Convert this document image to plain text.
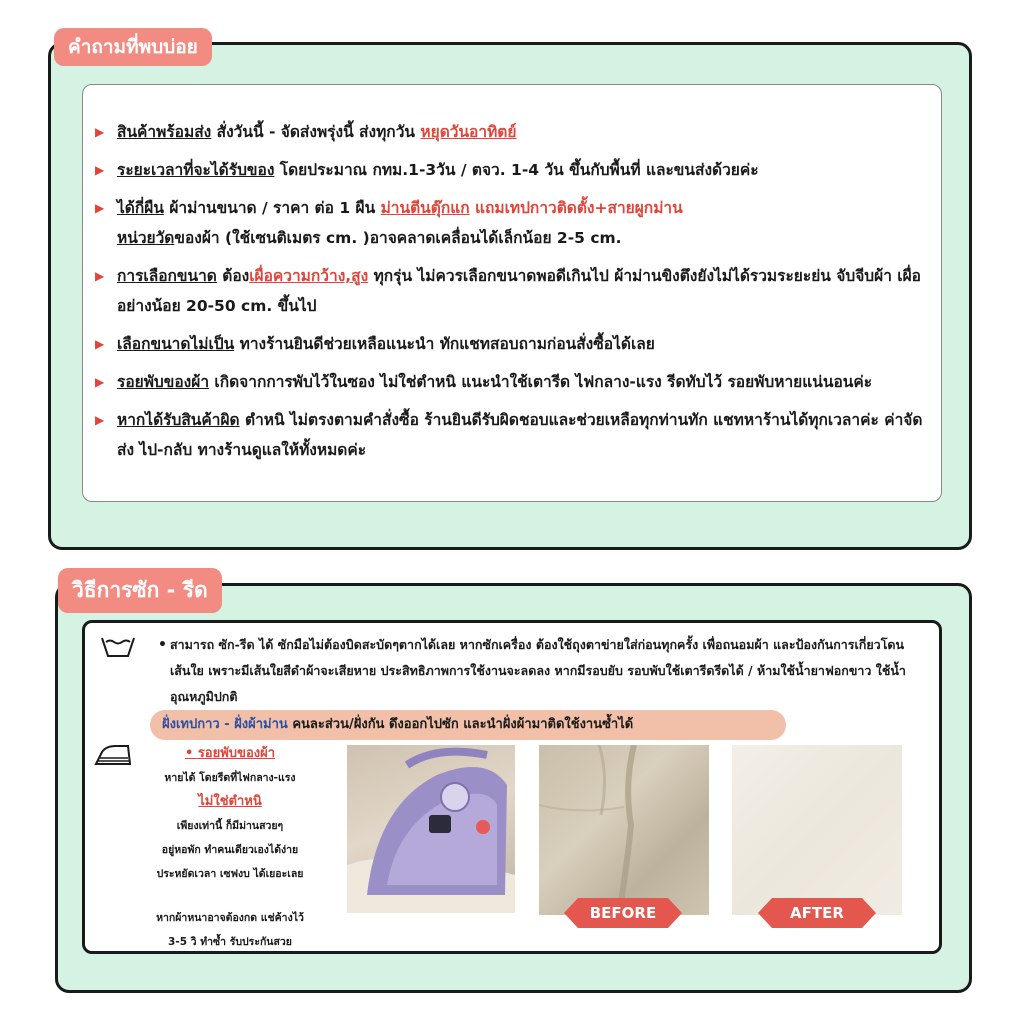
คำถามที่พบบ่อย
▶ สินค้าพร้อมส่ง สั่งวันนี้ - จัดส่งพรุ่งนี้ ส่งทุกวัน หยุดวันอาทิตย์
▶ ระยะเวลาที่จะได้รับของ โดยประมาณ กทม.1-3วัน / ตจว. 1-4 วัน ขึ้นกับพื้นที่ และขนส่งด้วยค่ะ
▶ ได้กี่ผืน ผ้าม่านขนาด / ราคา ต่อ 1 ผืน ม่านตีนตุ๊กแก แถมเทปกาวติดตั้ง+สายผูกม่าน
หน่วยวัดของผ้า (ใช้เซนติเมตร cm. )อาจคลาดเคลื่อนได้เล็กน้อย 2-5 cm.
▶ การเลือกขนาด ต้องเผื่อความกว้าง,สูง ทุกรุ่น ไม่ควรเลือกขนาดพอดีเกินไป ผ้าม่านขิงตึงยังไม่ได้รวมระยะย่น จับจีบผ้า เผื่ออย่างน้อย 20-50 cm. ขึ้นไป
▶ เลือกขนาดไม่เป็น ทางร้านยินดีช่วยเหลือแนะนำ ทักแชทสอบถามก่อนสั่งซื้อได้เลย
▶ รอยพับของผ้า เกิดจากการพับไว้ในซอง ไม่ใช่ตำหนิ แนะนำใช้เตารีด ไฟกลาง-แรง รีดทับไว้ รอยพับหายแน่นอนค่ะ
▶ หากได้รับสินค้าผิด ตำหนิ ไม่ตรงตามคำสั่งซื้อ ร้านยินดีรับผิดชอบและช่วยเหลือทุกท่านทัก แชทหาร้านได้ทุกเวลาค่ะ ค่าจัดส่ง ไป-กลับ ทางร้านดูแลให้ทั้งหมดค่ะ
วิธีการซัก - รีด
• สามารถ ซัก-รีด ได้ ซักมือไม่ต้องบิดสะบัดๆตากได้เลย หากซักเครื่อง ต้องใช้ถุงตาข่ายใส่ก่อนทุกครั้ง เพื่อถนอมผ้า และป้องกันการเกี่ยวโดนเส้นใย เพราะมีเส้นใยสีดำผ้าจะเสียหาย ประสิทธิภาพการใช้งานจะลดลง หากมีรอบยับ รอบพับใช้เตารีดรีดได้ / ห้ามใช้น้ำยาฟอกขาว ใช้น้ำอุณหภูมิปกติ
ฝั่งเทปกาว - ฝั่งผ้าม่าน คนละส่วน/ฝั่งกัน ดึงออกไปซัก และนำฝั่งผ้ามาติดใช้งานซ้ำได้
• รอยพับของผ้า
หายได้ โดยรีดที่ไฟกลาง-แรง
ไม่ใช่ตำหนิ
เพียงเท่านี้ ก็มีม่านสวยๆ
อยู่หอพัก ทำคนเดียวเองได้ง่าย
ประหยัดเวลา เซฟงบ ได้เยอะเลย
หากผ้าหนาอาจต้องกด แช่ค้างไว้
3-5 วิ ทำซ้ำ รับประกันสวย
BEFORE	AFTER
